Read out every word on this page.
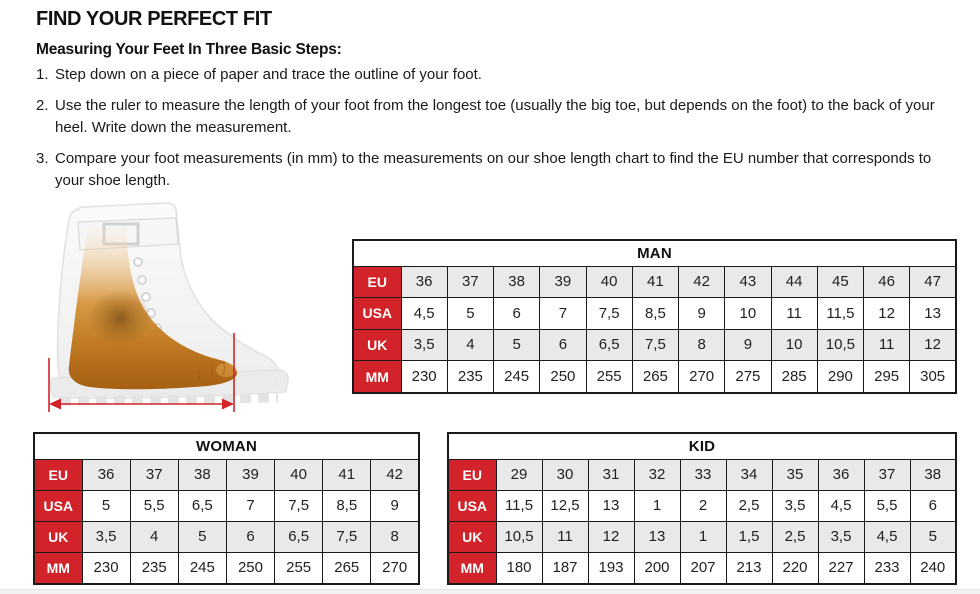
FIND YOUR PERFECT FIT
Measuring Your Feet In Three Basic Steps:
1. Step down on a piece of paper and trace the outline of your foot.
2. Use the ruler to measure the length of your foot from the longest toe (usually the big toe, but depends on the foot) to the back of your heel. Write down the measurement.
3. Compare your foot measurements (in mm) to the measurements on our shoe length chart to find the EU number that corresponds to your shoe length.
MAN												
EU	36	37	38	39	40	41	42	43	44	45	46	47
USA	4,5	5	6	7	7,5	8,5	9	10	11	11,5	12	13
UK	3,5	4	5	6	6,5	7,5	8	9	10	10,5	11	12
MM	230	235	245	250	255	265	270	275	285	290	295	305
WOMAN							
EU	36	37	38	39	40	41	42
USA	5	5,5	6,5	7	7,5	8,5	9
UK	3,5	4	5	6	6,5	7,5	8
MM	230	235	245	250	255	265	270
KID										
EU	29	30	31	32	33	34	35	36	37	38
USA	11,5	12,5	13	1	2	2,5	3,5	4,5	5,5	6
UK	10,5	11	12	13	1	1,5	2,5	3,5	4,5	5
MM	180	187	193	200	207	213	220	227	233	240
